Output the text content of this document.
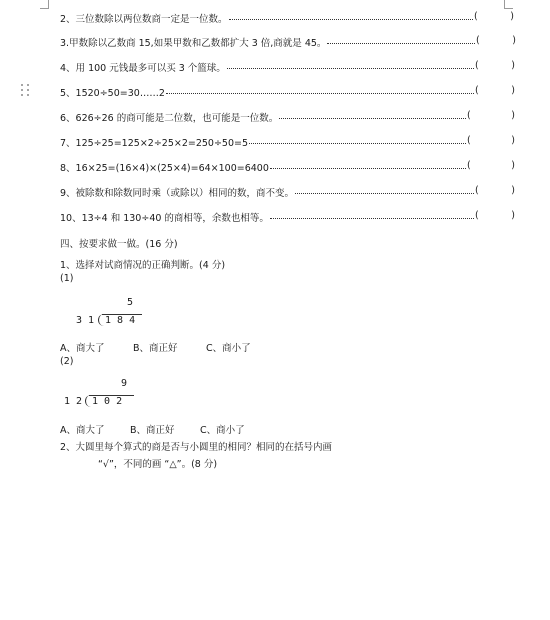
2、三位数除以两位数商一定是一位数。	(	)
3.甲数除以乙数商 15,如果甲数和乙数都扩大 3 倍,商就是 45。	(	)
4、用 100 元钱最多可以买 3 个篮球。	(	)
5、1520÷50=30……2	(	)
6、626÷26 的商可能是二位数，也可能是一位数。	(	)
7、125÷25=125×2÷25×2=250÷50=5	(	)
8、16×25=(16×4)×(25×4)=64×100=6400	(	)
9、被除数和除数同时乘（或除以）相同的数，商不变。	(	)
10、13÷4 和 130÷40 的商相等，余数也相等。	(	)
四、按要求做一做。(16 分)
1、选择对试商情况的正确判断。(4 分)
(1)
5
3 1 1 8 4
A、商大了	B、商正好	C、商小了
(2)
9
1 2 1 0 2
A、商大了	B、商正好	C、商小了
2、大圆里每个算式的商是否与小圆里的相同？相同的在括号内画
“√”，不同的画 “△”。(8 分)
